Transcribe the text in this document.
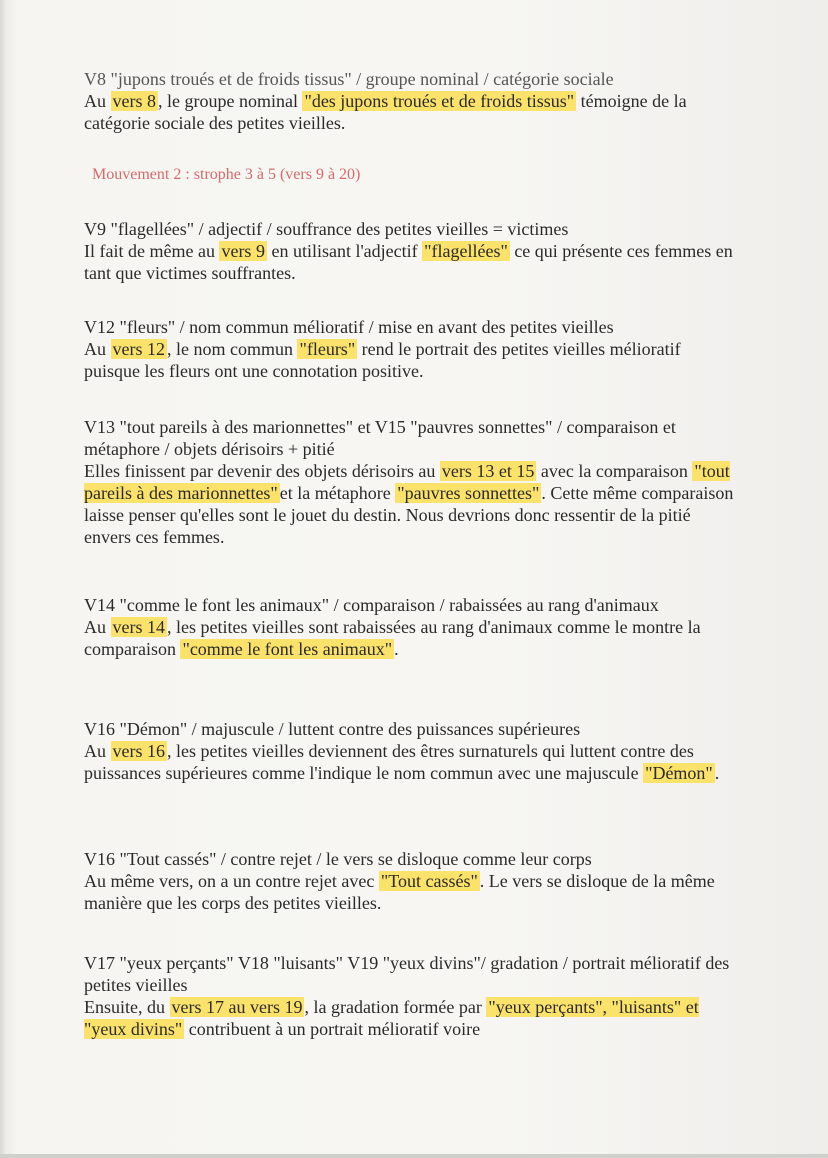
V8 "jupons troués et de froids tissus" / groupe nominal / catégorie sociale

Au vers 8 , le groupe nominal "des jupons troués et de froids tissus" témoigne de la catégorie sociale des petites vieilles.

Mouvement 2 : strophe 3 à 5 (vers 9 à 20)

V9 "flagellées" / adjectif / souffrance des petites vieilles = victimes

Il fait de même au vers 9 en utilisant l'adjectif "flagellées" ce qui présente ces femmes en tant que victimes souffrantes.

V12 "fleurs" / nom commun mélioratif / mise en avant des petites vieilles

Au vers 12 , le nom commun "fleurs" rend le portrait des petites vieilles mélioratif puisque les fleurs ont une connotation positive.

V13 "tout pareils à des marionnettes" et V15 "pauvres sonnettes" / comparaison et métaphore / objets dérisoirs + pitié

Elles finissent par devenir des objets dérisoirs au vers 13 et 15 avec la comparaison "tout pareils à des marionnettes" et la métaphore "pauvres sonnettes" . Cette même comparaison laisse penser qu'elles sont le jouet du destin. Nous devrions donc ressentir de la pitié envers ces femmes.

V14 "comme le font les animaux" / comparaison / rabaissées au rang d'animaux

Au vers 14 , les petites vieilles sont rabaissées au rang d'animaux comme le montre la comparaison "comme le font les animaux" .

V16 "Démon" / majuscule / luttent contre des puissances supérieures

Au vers 16 , les petites vieilles deviennent des êtres surnaturels qui luttent contre des puissances supérieures comme l'indique le nom commun avec une majuscule "Démon" .

V16 "Tout cassés" / contre rejet / le vers se disloque comme leur corps

Au même vers, on a un contre rejet avec "Tout cassés" . Le vers se disloque de la même manière que les corps des petites vieilles.

V17 "yeux perçants" V18 "luisants" V19 "yeux divins"/ gradation / portrait mélioratif des petites vieilles

Ensuite, du vers 17 au vers 19 , la gradation formée par "yeux perçants", "luisants" et "yeux divins" contribuent à un portrait mélioratif voire
